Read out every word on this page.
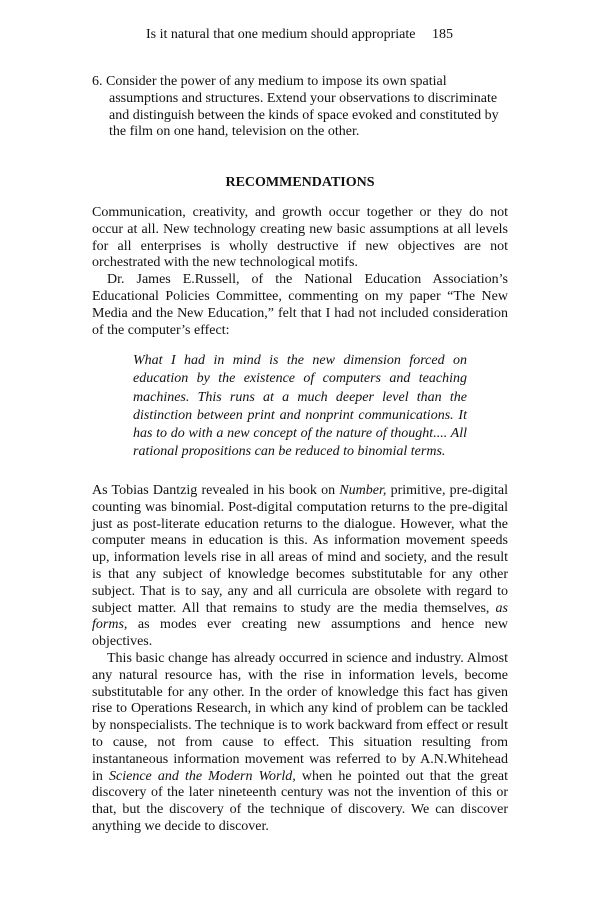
Is it natural that one medium should appropriate 185
6. Consider the power of any medium to impose its own spatial
assumptions and structures. Extend your observations to discriminate and distinguish between the kinds of space evoked and constituted by the film on one hand, television on the other.
RECOMMENDATIONS

Communication, creativity, and growth occur together or they do not occur at all. New technology creating new basic assumptions at all levels for all enterprises is wholly destructive if new objectives are not orchestrated with the new technological motifs.

Dr. James E.Russell, of the National Education Association’s Educational Policies Committee, commenting on my paper “The New Media and the New Education,” felt that I had not included consideration of the computer’s effect:

What I had in mind is the new dimension forced on education by the existence of computers and teaching machines. This runs at a much deeper level than the distinction between print and nonprint communications. It has to do with a new concept of the nature of thought.... All rational propositions can be reduced to binomial terms.

As Tobias Dantzig revealed in his book on Number, primitive, pre-digital counting was binomial. Post-digital computation returns to the pre-digital just as post-literate education returns to the dialogue. However, what the computer means in education is this. As information movement speeds up, information levels rise in all areas of mind and society, and the result is that any subject of knowledge becomes substitutable for any other subject. That is to say, any and all curricula are obsolete with regard to subject matter. All that remains to study are the media themselves, as forms, as modes ever creating new assumptions and hence new objectives.

This basic change has already occurred in science and industry. Almost any natural resource has, with the rise in information levels, become substitutable for any other. In the order of knowledge this fact has given rise to Operations Research, in which any kind of problem can be tackled by nonspecialists. The technique is to work backward from effect or result to cause, not from cause to effect. This situation resulting from instantaneous information movement was referred to by A.N.Whitehead in Science and the Modern World, when he pointed out that the great discovery of the later nineteenth century was not the invention of this or that, but the discovery of the technique of discovery. We can discover anything we decide to discover.
